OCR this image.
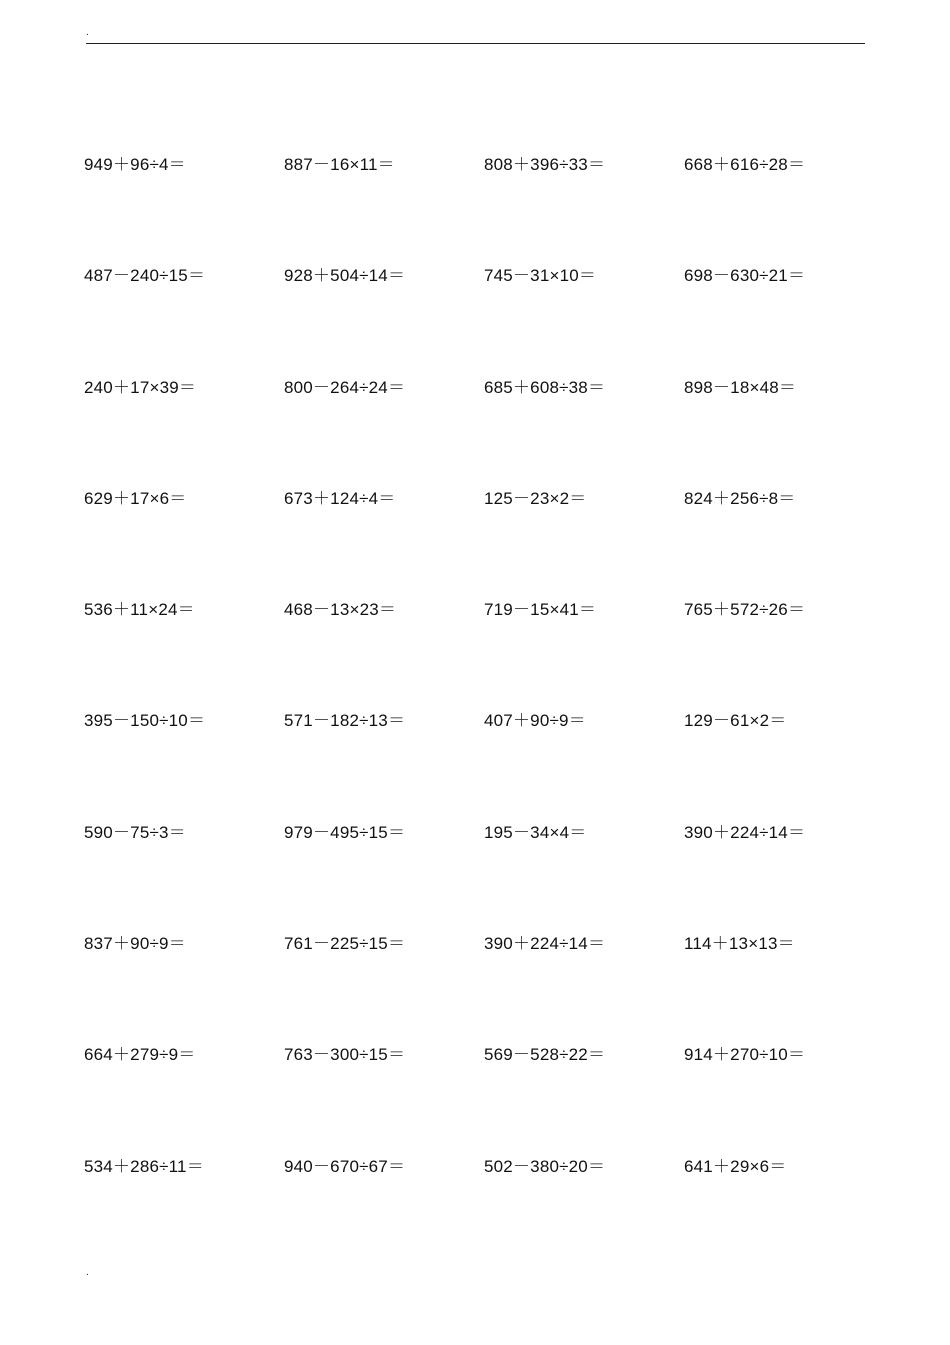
.
949＋96÷4＝	887－16×11＝	808＋396÷33＝	668＋616÷28＝
487－240÷15＝	928＋504÷14＝	745－31×10＝	698－630÷21＝
240＋17×39＝	800－264÷24＝	685＋608÷38＝	898－18×48＝
629＋17×6＝	673＋124÷4＝	125－23×2＝	824＋256÷8＝
536＋11×24＝	468－13×23＝	719－15×41＝	765＋572÷26＝
395－150÷10＝	571－182÷13＝	407＋90÷9＝	129－61×2＝
590－75÷3＝	979－495÷15＝	195－34×4＝	390＋224÷14＝
837＋90÷9＝	761－225÷15＝	390＋224÷14＝	114＋13×13＝
664＋279÷9＝	763－300÷15＝	569－528÷22＝	914＋270÷10＝
534＋286÷11＝	940－670÷67＝	502－380÷20＝	641＋29×6＝
.
